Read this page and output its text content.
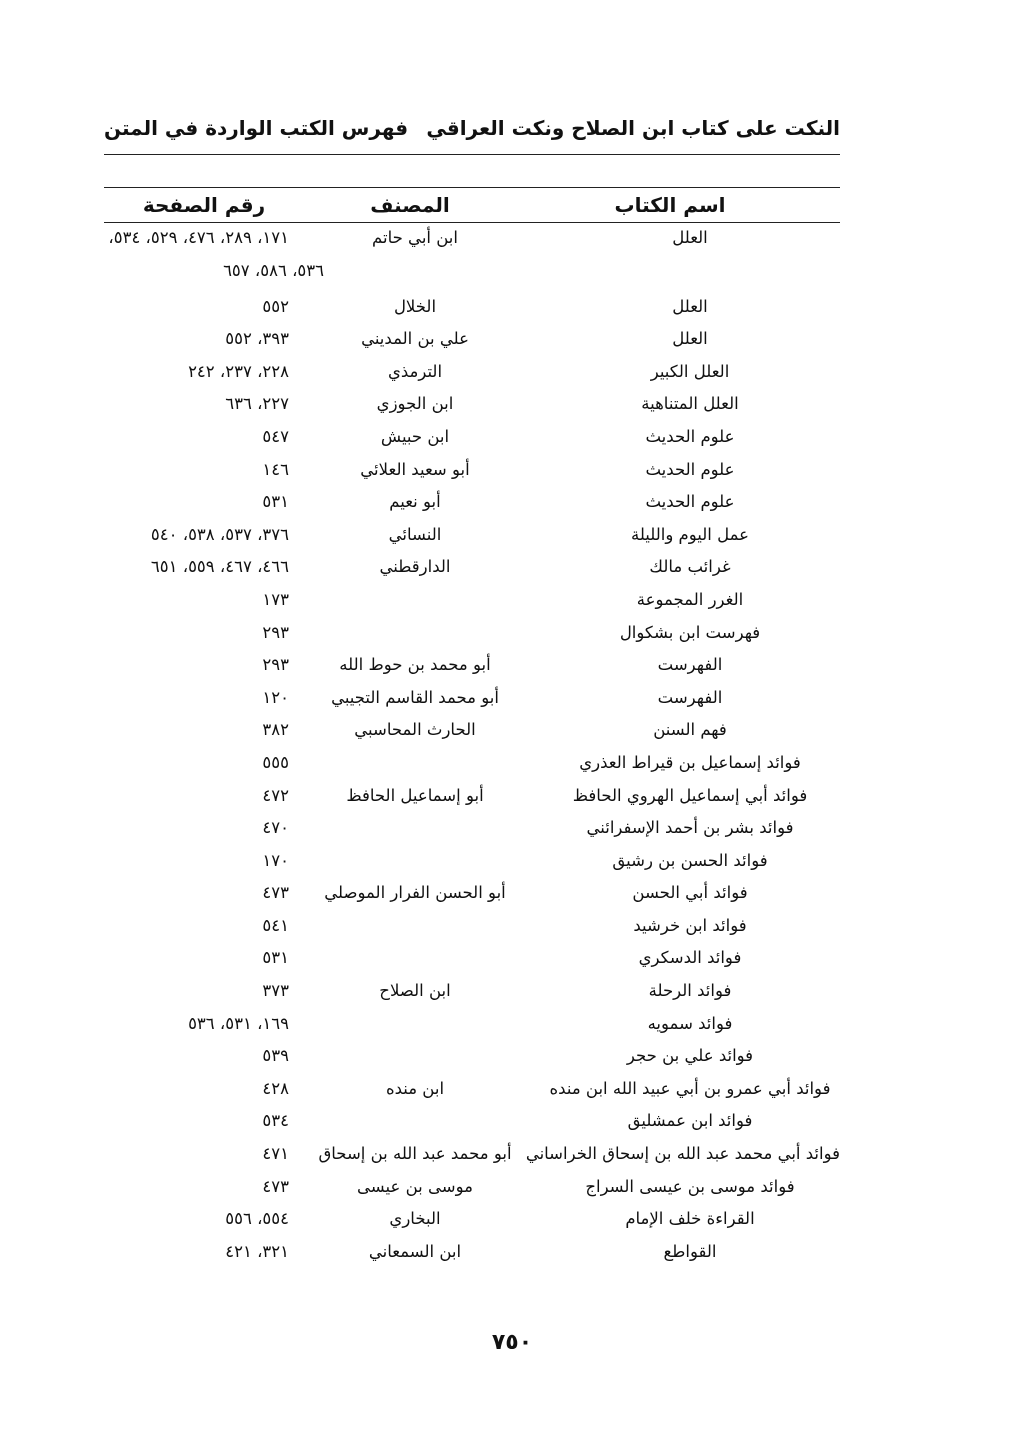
النكت على كتاب ابن الصلاح ونكت العراقي
فهرس الكتب الواردة في المتن
اسم الكتاب
المصنف
رقم الصفحة
العلل
ابن أبي حاتم
١٧١، ٢٨٩، ٤٧٦، ٥٢٩، ٥٣٤،
٥٣٦، ٥٨٦، ٦٥٧
العلل
الخلال
٥٥٢
العلل
علي بن المديني
٣٩٣، ٥٥٢
العلل الكبير
الترمذي
٢٢٨، ٢٣٧، ٢٤٢
العلل المتناهية
ابن الجوزي
٢٢٧، ٦٣٦
علوم الحديث
ابن حبيش
٥٤٧
علوم الحديث
أبو سعيد العلائي
١٤٦
علوم الحديث
أبو نعيم
٥٣١
عمل اليوم والليلة
النسائي
٣٧٦، ٥٣٧، ٥٣٨، ٥٤٠
غرائب مالك
الدارقطني
٤٦٦، ٤٦٧، ٥٥٩، ٦٥١
الغرر المجموعة
١٧٣
فهرست ابن بشكوال
٢٩٣
الفهرست
أبو محمد بن حوط الله
٢٩٣
الفهرست
أبو محمد القاسم التجيبي
١٢٠
فهم السنن
الحارث المحاسبي
٣٨٢
فوائد إسماعيل بن قيراط العذري
٥٥٥
فوائد أبي إسماعيل الهروي الحافظ
أبو إسماعيل الحافظ
٤٧٢
فوائد بشر بن أحمد الإسفرائني
٤٧٠
فوائد الحسن بن رشيق
١٧٠
فوائد أبي الحسن
أبو الحسن الفرار الموصلي
٤٧٣
فوائد ابن خرشيد
٥٤١
فوائد الدسكري
٥٣١
فوائد الرحلة
ابن الصلاح
٣٧٣
فوائد سمويه
١٦٩، ٥٣١، ٥٣٦
فوائد علي بن حجر
٥٣٩
فوائد أبي عمرو بن أبي عبيد الله ابن منده
ابن منده
٤٢٨
فوائد ابن عمشليق
٥٣٤
فوائد أبي محمد عبد الله بن إسحاق الخراساني
أبو محمد عبد الله بن إسحاق
٤٧١
فوائد موسى بن عيسى السراج
موسى بن عيسى
٤٧٣
القراءة خلف الإمام
البخاري
٥٥٤، ٥٥٦
القواطع
ابن السمعاني
٣٢١، ٤٢١
٧٥٠
